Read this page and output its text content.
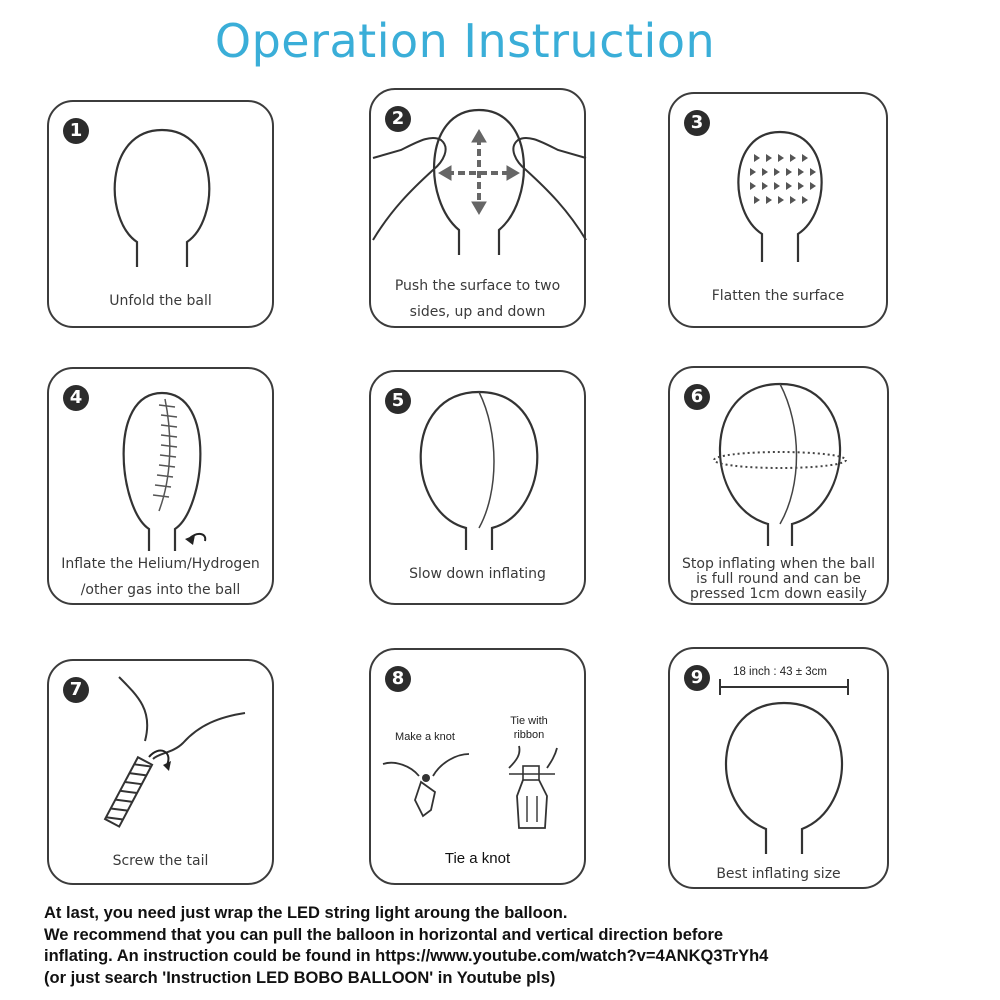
Operation Instruction
1
Unfold the ball
2
Push the surface to two sides, up and down
3
Flatten the surface
4
Inflate the Helium/Hydrogen /other gas into the ball
5
Slow down inflating
6
Stop inflating when the ball is full round and can be pressed 1cm down easily
7
Screw the tail
8
Make a knot
Tie with ribbon
Tie a knot
9	18 inch : 43 ± 3cm
Best inflating size
At last, you need just wrap the LED string light aroung the balloon.
We recommend that you can pull the balloon in horizontal and vertical direction before
inflating. An instruction could be found in https://www.youtube.com/watch?v=4ANKQ3TrYh4
(or just search 'Instruction LED BOBO BALLOON' in Youtube pls)
